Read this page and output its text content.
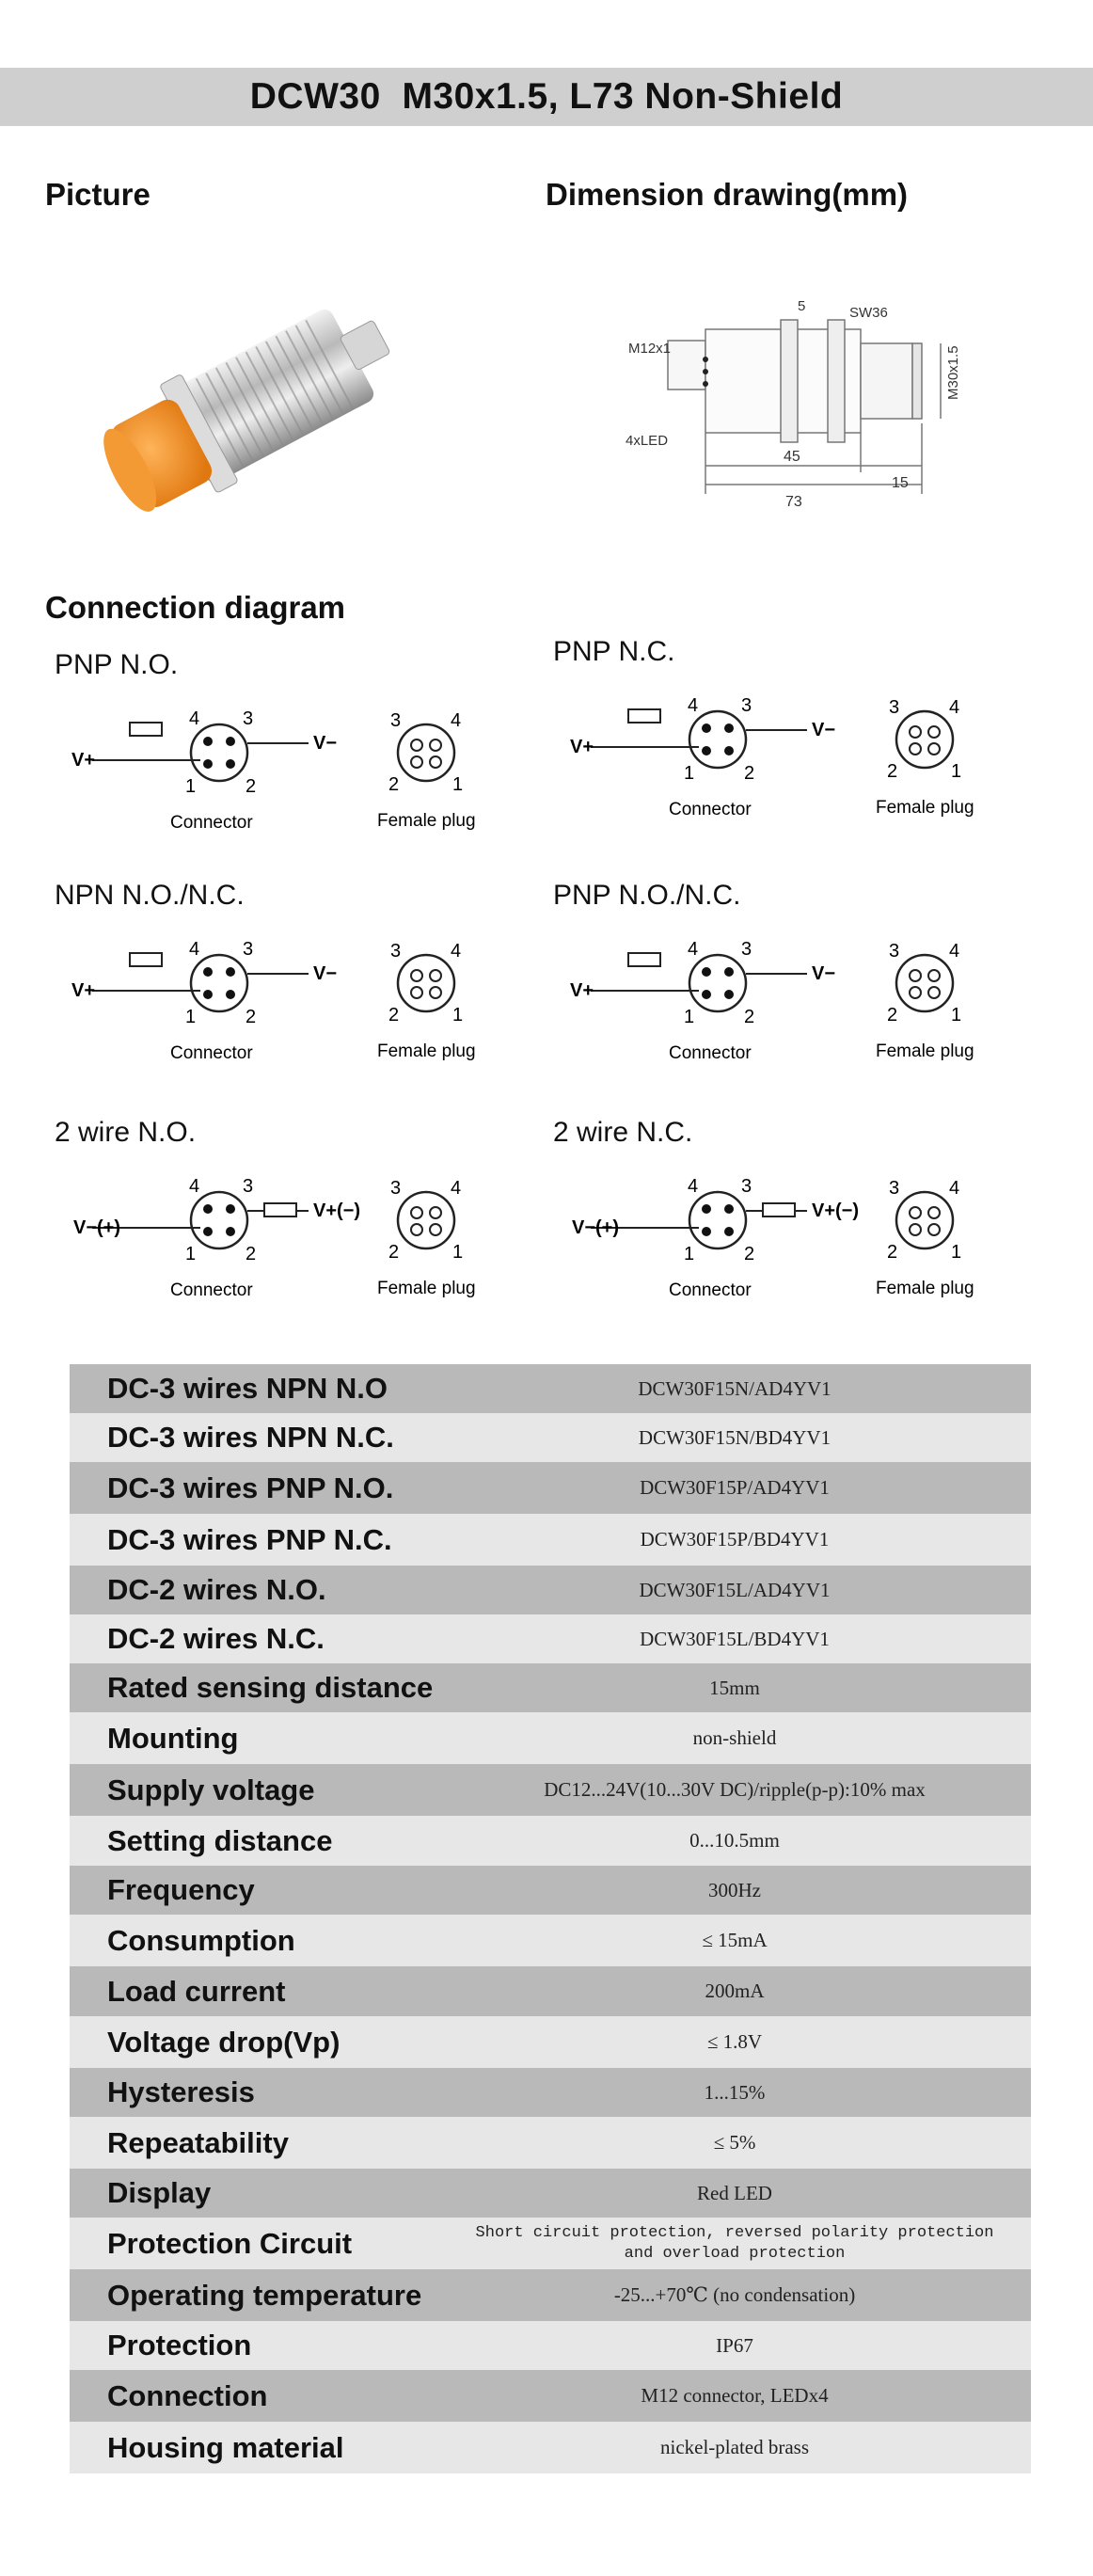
DCW30  M30x1.5, L73 Non-Shield
Picture	Dimension drawing(mm)
Connection diagram
M12x1
4xLED
5	SW36
M30x1.5
45
15
73
DC-3 wires NPN N.O	DCW30F15N/AD4YV1
DC-3 wires NPN N.C.	DCW30F15N/BD4YV1
DC-3 wires PNP N.O.	DCW30F15P/AD4YV1
DC-3 wires PNP N.C.	DCW30F15P/BD4YV1
DC-2 wires N.O.	DCW30F15L/AD4YV1
DC-2 wires N.C.	DCW30F15L/BD4YV1
Rated sensing distance	15mm
Mounting	non-shield
Supply voltage	DC12...24V(10...30V DC)/ripple(p-p):10% max
Setting distance	0...10.5mm
Frequency	300Hz
Consumption	≤ 15mA
Load current	200mA
Voltage drop(Vp)	≤ 1.8V
Hysteresis	1...15%
Repeatability	≤ 5%
Display	Red LED
Protection Circuit	Short circuit protection, reversed polarity protection
and overload protection
Operating temperature	-25...+70℃ (no condensation)
Protection	IP67
Connection	M12 connector, LEDx4
Housing material	nickel-plated brass
PNP N.O.
4 3
1	2
V+
V−
Connector
3	4
2	1
Female plug
PNP N.C.
4 3
1	2
V+
V−
Connector
3	4
2	1
Female plug
NPN N.O./N.C.
4 3
1	2
V+
V−
Connector
3	4
2	1
Female plug
PNP N.O./N.C.
4 3
1	2
V+
V−
Connector
3	4
2	1
Female plug
2 wire N.O.
4 3
1	2
V−(+)
V+(−)
Connector
3	4
2	1
Female plug
2 wire N.C.
4 3
1	2
V−(+)
V+(−)
Connector
3	4
2	1
Female plug
